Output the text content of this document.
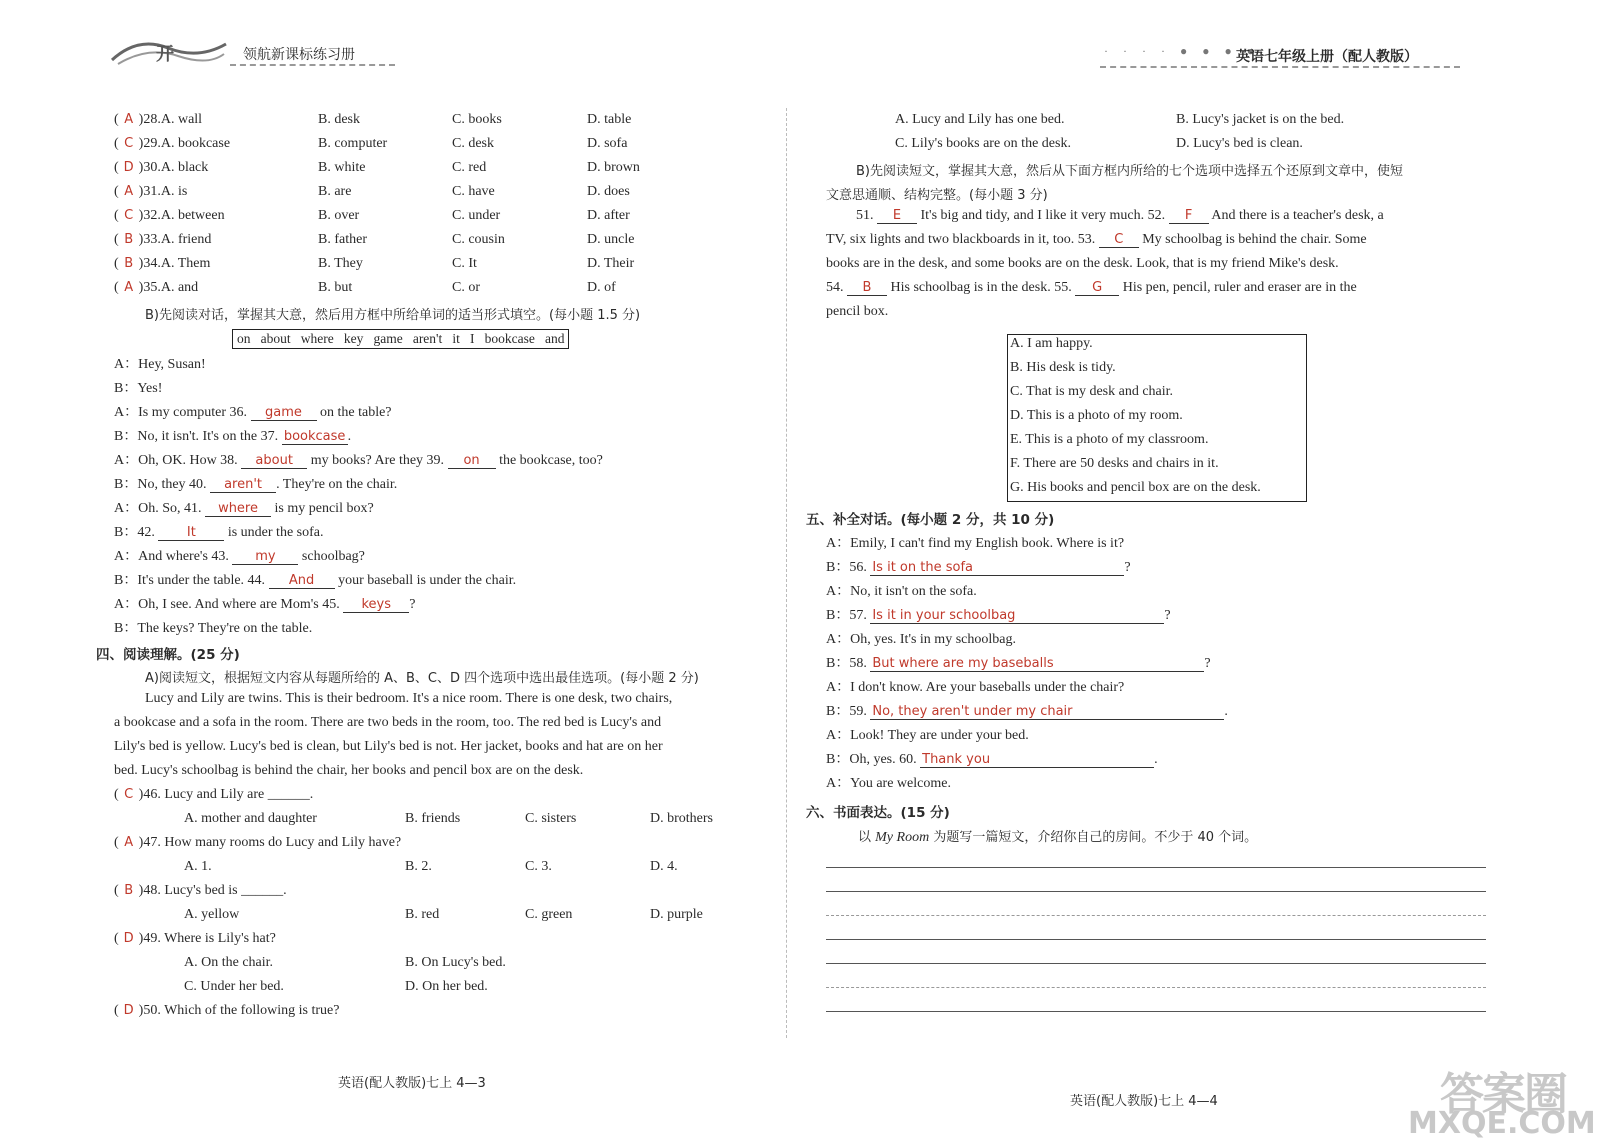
开	领航新课标练习册	· · · · ● ● ● ●
英语七年级上册（配人教版）
( A )28.A. wall	B. desk	C. books	D. table
( C )29.A. bookcase	B. computer	C. desk	D. sofa
( D )30.A. black	B. white	C. red	D. brown
( A )31.A. is	B. are	C. have	D. does
( C )32.A. between	B. over	C. under	D. after
( B )33.A. friend	B. father	C. cousin	D. uncle
( B )34.A. Them	B. They	C. It	D. Their
( A )35.A. and	B. but	C. or	D. of
B)先阅读对话，掌握其大意，然后用方框中所给单词的适当形式填空。(每小题 1.5 分)
on   about   where   key   game   aren't   it   I   bookcase   and
A：Hey, Susan!
B：Yes!
A：Is my computer 36. game on the table?
B：No, it isn't. It's on the 37. bookcase .
A：Oh, OK. How 38. about my books? Are they 39. on the bookcase, too?
B：No, they 40. aren't . They're on the chair.
A：Oh. So, 41. where is my pencil box?
B：42. It is under the sofa.
A：And where's 43. my schoolbag?
B：It's under the table. 44. And your baseball is under the chair.
A：Oh, I see. And where are Mom's 45. keys ?
B：The keys? They're on the table.
四、阅读理解。(25 分)
A)阅读短文，根据短文内容从每题所给的 A、B、C、D 四个选项中选出最佳选项。(每小题 2 分)
Lucy and Lily are twins. This is their bedroom. It's a nice room. There is one desk, two chairs,
a bookcase and a sofa in the room. There are two beds in the room, too. The red bed is Lucy's and
Lily's bed is yellow. Lucy's bed is clean, but Lily's bed is not. Her jacket, books and hat are on her
bed. Lucy's schoolbag is behind the chair, her books and pencil box are on the desk.
( C )46. Lucy and Lily are ______.
A. mother and daughter	B. friends	C. sisters	D. brothers
( A )47. How many rooms do Lucy and Lily have?
A. 1.	B. 2.	C. 3.	D. 4.
( B )48. Lucy's bed is ______.
A. yellow	B. red	C. green	D. purple
( D )49. Where is Lily's hat?
A. On the chair.	B. On Lucy's bed.
C. Under her bed.	D. On her bed.
( D )50. Which of the following is true?
英语(配人教版)七上 4—3
A. Lucy and Lily has one bed.	B. Lucy's jacket is on the bed.
C. Lily's books are on the desk.	D. Lucy's bed is clean.
B)先阅读短文，掌握其大意，然后从下面方框内所给的七个选项中选择五个还原到文章中，使短
文意思通顺、结构完整。(每小题 3 分)
51. E It's big and tidy, and I like it very much. 52. F And there is a teacher's desk, a
TV, six lights and two blackboards in it, too. 53. C My schoolbag is behind the chair. Some
books are in the desk, and some books are on the desk. Look, that is my friend Mike's desk.
54. B His schoolbag is in the desk. 55. G His pen, pencil, ruler and eraser are in the
pencil box.
A. I am happy.
B. His desk is tidy.
C. That is my desk and chair.
D. This is a photo of my room.
E. This is a photo of my classroom.
F. There are 50 desks and chairs in it.
G. His books and pencil box are on the desk.
五、补全对话。(每小题 2 分，共 10 分)
A：Emily, I can't find my English book. Where is it?
B：56. Is it on the sofa	?
A：No, it isn't on the sofa.
B：57. Is it in your schoolbag	?
A：Oh, yes. It's in my schoolbag.
B：58. But where are my baseballs	?
A：I don't know. Are your baseballs under the chair?
B：59. No, they aren't under my chair	.
A：Look! They are under your bed.
B：Oh, yes. 60. Thank you	.
A：You are welcome.
六、书面表达。(15 分)
以 My Room 为题写一篇短文，介绍你自己的房间。不少于 40 个词。
英语(配人教版)七上 4—4	答案圈
MXQE.COM
